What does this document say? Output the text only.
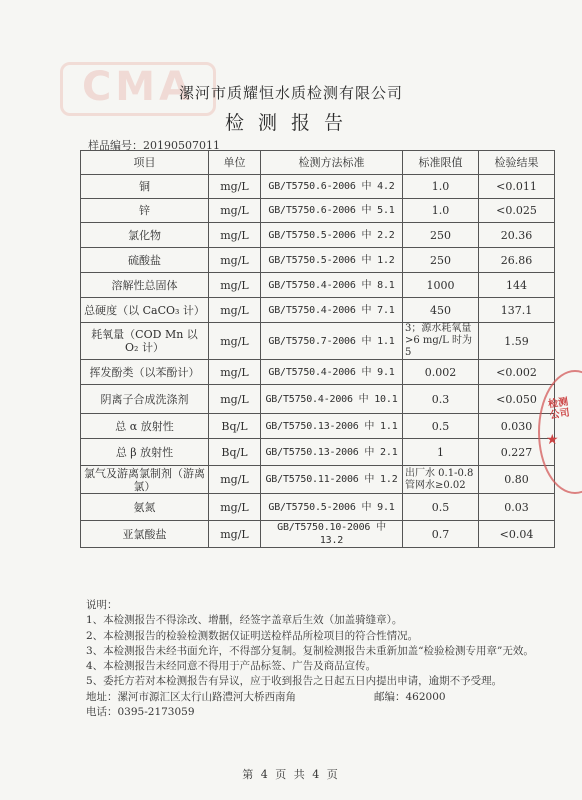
CMA
漯河市质耀恒水质检测有限公司
检测报告
样品编号：20190507011
项目	单位	检测方法标准	标准限值	检验结果
铜	mg/L	GB/T5750.6-2006 中 4.2	1.0	<0.011
锌	mg/L	GB/T5750.6-2006 中 5.1	1.0	<0.025
氯化物	mg/L	GB/T5750.5-2006 中 2.2	250	20.36
硫酸盐	mg/L	GB/T5750.5-2006 中 1.2	250	26.86
溶解性总固体	mg/L	GB/T5750.4-2006 中 8.1	1000	144
总硬度（以 CaCO₃ 计）	mg/L	GB/T5750.4-2006 中 7.1	450	137.1
耗氧量（COD Mn 以 O₂ 计）	mg/L	GB/T5750.7-2006 中 1.1	3；源水耗氧量 >6 mg/L 时为 5	1.59
挥发酚类（以苯酚计）	mg/L	GB/T5750.4-2006 中 9.1	0.002	<0.002
阴离子合成洗涤剂	mg/L	GB/T5750.4-2006 中 10.1	0.3	<0.050
总 α 放射性	Bq/L	GB/T5750.13-2006 中 1.1	0.5	0.030
总 β 放射性	Bq/L	GB/T5750.13-2006 中 2.1	1	0.227
氯气及游离氯制剂（游离氯）	mg/L	GB/T5750.11-2006 中 1.2	出厂水 0.1-0.8 管网水≥0.02	0.80
氨氮	mg/L	GB/T5750.5-2006 中 9.1	0.5	0.03
亚氯酸盐	mg/L	GB/T5750.10-2006 中 13.2	0.7	<0.04
说明：
1、本检测报告不得涂改、增删，经签字盖章后生效（加盖骑缝章）。
2、本检测报告的检验检测数据仅证明送检样品所检项目的符合性情况。
3、本检测报告未经书面允许，不得部分复制。复制检测报告未重新加盖“检验检测专用章”无效。
4、本检测报告未经同意不得用于产品标签、广告及商品宣传。
5、委托方若对本检测报告有异议，应于收到报告之日起五日内提出申请，逾期不予受理。
地址：漯河市源汇区太行山路澧河大桥西南角	邮编：462000
电话：0395-2173059
第 4 页 共 4 页
检测公司
★
